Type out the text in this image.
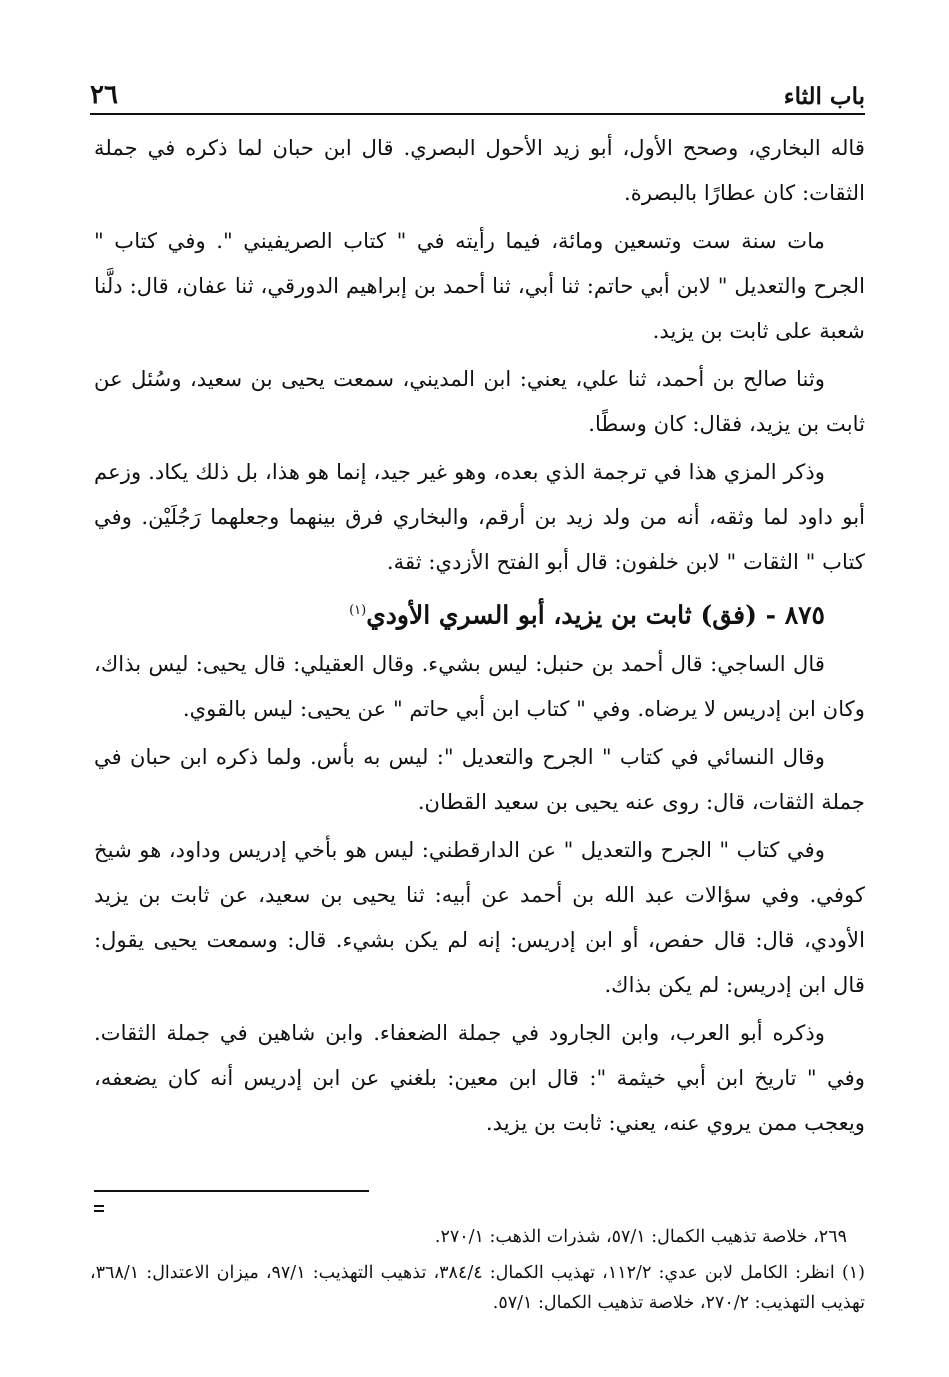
باب الثاء
٢٦

قاله البخاري، وصحح الأول، أبو زيد الأحول البصري. قال ابن حبان لما ذكره في جملة الثقات: كان عطارًا بالبصرة.

مات سنة ست وتسعين ومائة، فيما رأيته في " كتاب الصريفيني ". وفي كتاب " الجرح والتعديل " لابن أبي حاتم: ثنا أبي، ثنا أحمد بن إبراهيم الدورقي، ثنا عفان، قال: دلَّنا شعبة على ثابت بن يزيد.

وثنا صالح بن أحمد، ثنا علي، يعني: ابن المديني، سمعت يحيى بن سعيد، وسُئل عن ثابت بن يزيد، فقال: كان وسطًا.

وذكر المزي هذا في ترجمة الذي بعده، وهو غير جيد، إنما هو هذا، بل ذلك يكاد. وزعم أبو داود لما وثقه، أنه من ولد زيد بن أرقم، والبخاري فرق بينهما وجعلهما رَجُلَيْن. وفي كتاب " الثقات " لابن خلفون: قال أبو الفتح الأزدي: ثقة.

٨٧٥ - (فق) ثابت بن يزيد، أبو السري الأودي$^{(١)}$

قال الساجي: قال أحمد بن حنبل: ليس بشيء. وقال العقيلي: قال يحيى: ليس بذاك، وكان ابن إدريس لا يرضاه. وفي " كتاب ابن أبي حاتم " عن يحيى: ليس بالقوي.

وقال النسائي في كتاب " الجرح والتعديل ": ليس به بأس. ولما ذكره ابن حبان في جملة الثقات، قال: روى عنه يحيى بن سعيد القطان.

وفي كتاب " الجرح والتعديل " عن الدارقطني: ليس هو بأخي إدريس وداود، هو شيخ كوفي. وفي سؤالات عبد الله بن أحمد عن أبيه: ثنا يحيى بن سعيد، عن ثابت بن يزيد الأودي، قال: قال حفص، أو ابن إدريس: إنه لم يكن بشيء. قال: وسمعت يحيى يقول: قال ابن إدريس: لم يكن بذاك.

وذكره أبو العرب، وابن الجارود في جملة الضعفاء. وابن شاهين في جملة الثقات. وفي " تاريخ ابن أبي خيثمة ": قال ابن معين: بلغني عن ابن إدريس أنه كان يضعفه، ويعجب ممن يروي عنه، يعني: ثابت بن يزيد.

٢٦٩، خلاصة تذهيب الكمال: ٥٧/١، شذرات الذهب: ٢٧٠/١.

(١) انظر: الكامل لابن عدي: ١١٢/٢، تهذيب الكمال: ٣٨٤/٤، تذهيب التهذيب: ٩٧/١، ميزان الاعتدال: ٣٦٨/١، تهذيب التهذيب: ٢٧٠/٢، خلاصة تذهيب الكمال: ٥٧/١.
